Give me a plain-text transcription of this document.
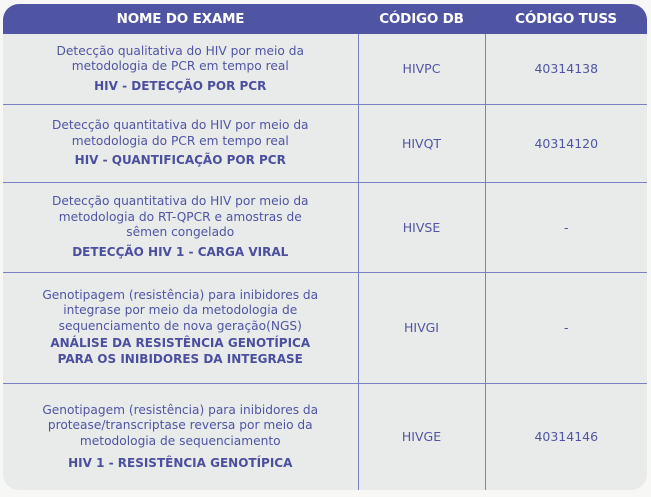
NOME DO EXAME	CÓDIGO DB	CÓDIGO TUSS

Detecção qualitativa do HIV por meio da metodologia de PCR em tempo real
HIV - DETECÇÃO POR PCR	HIVPC	40314138

Detecção quantitativa do HIV por meio da metodologia do PCR em tempo real
HIV - QUANTIFICAÇÃO POR PCR	HIVQT	40314120

Detecção quantitativa do HIV por meio da metodologia do RT-QPCR e amostras de sêmen congelado
DETECÇÃO HIV 1 - CARGA VIRAL	HIVSE	-

Genotipagem (resistência) para inibidores da integrase por meio da metodologia de sequenciamento de nova geração(NGS)
ANÁLISE DA RESISTÊNCIA GENOTÍPICA PARA OS INIBIDORES DA INTEGRASE	HIVGI	-

Genotipagem (resistência) para inibidores da protease/transcriptase reversa por meio da metodologia de sequenciamento
HIV 1 - RESISTÊNCIA GENOTÍPICA	HIVGE	40314146
